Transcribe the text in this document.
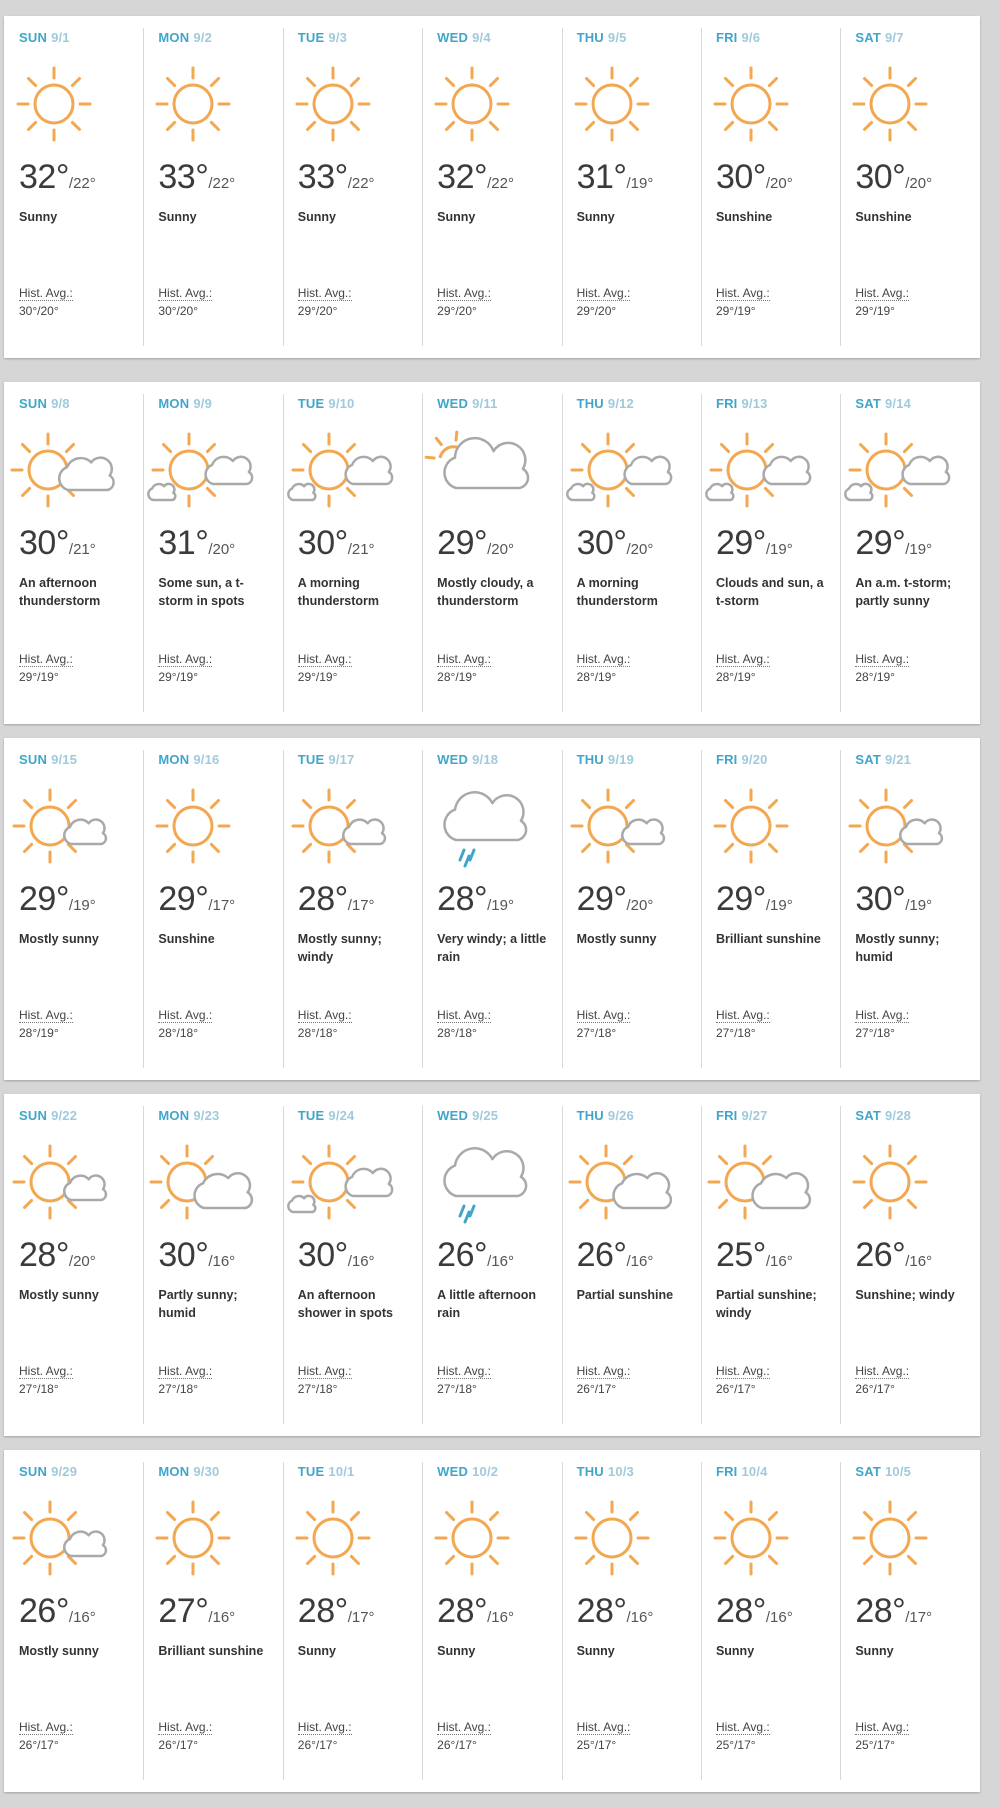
SUN 9/1
32°/22°
Sunny
Hist. Avg.:
30°/20°
MON 9/2
33°/22°
Sunny
Hist. Avg.:
30°/20°
TUE 9/3
33°/22°
Sunny
Hist. Avg.:
29°/20°
WED 9/4
32°/22°
Sunny
Hist. Avg.:
29°/20°
THU 9/5
31°/19°
Sunny
Hist. Avg.:
29°/20°
FRI 9/6
30°/20°
Sunshine
Hist. Avg.:
29°/19°
SAT 9/7
30°/20°
Sunshine
Hist. Avg.:
29°/19°
SUN 9/8
30°/21°
An afternoon thunderstorm
Hist. Avg.:
29°/19°
MON 9/9
31°/20°
Some sun, a t-storm in spots
Hist. Avg.:
29°/19°
TUE 9/10
30°/21°
A morning thunderstorm
Hist. Avg.:
29°/19°
WED 9/11
29°/20°
Mostly cloudy, a thunderstorm
Hist. Avg.:
28°/19°
THU 9/12
30°/20°
A morning thunderstorm
Hist. Avg.:
28°/19°
FRI 9/13
29°/19°
Clouds and sun, a t-storm
Hist. Avg.:
28°/19°
SAT 9/14
29°/19°
An a.m. t-storm; partly sunny
Hist. Avg.:
28°/19°
SUN 9/15
29°/19°
Mostly sunny
Hist. Avg.:
28°/19°
MON 9/16
29°/17°
Sunshine
Hist. Avg.:
28°/18°
TUE 9/17
28°/17°
Mostly sunny; windy
Hist. Avg.:
28°/18°
WED 9/18
28°/19°
Very windy; a little rain
Hist. Avg.:
28°/18°
THU 9/19
29°/20°
Mostly sunny
Hist. Avg.:
27°/18°
FRI 9/20
29°/19°
Brilliant sunshine
Hist. Avg.:
27°/18°
SAT 9/21
30°/19°
Mostly sunny; humid
Hist. Avg.:
27°/18°
SUN 9/22
28°/20°
Mostly sunny
Hist. Avg.:
27°/18°
MON 9/23
30°/16°
Partly sunny; humid
Hist. Avg.:
27°/18°
TUE 9/24
30°/16°
An afternoon shower in spots
Hist. Avg.:
27°/18°
WED 9/25
26°/16°
A little afternoon rain
Hist. Avg.:
27°/18°
THU 9/26
26°/16°
Partial sunshine
Hist. Avg.:
26°/17°
FRI 9/27
25°/16°
Partial sunshine; windy
Hist. Avg.:
26°/17°
SAT 9/28
26°/16°
Sunshine; windy
Hist. Avg.:
26°/17°
SUN 9/29
26°/16°
Mostly sunny
Hist. Avg.:
26°/17°
MON 9/30
27°/16°
Brilliant sunshine
Hist. Avg.:
26°/17°
TUE 10/1
28°/17°
Sunny
Hist. Avg.:
26°/17°
WED 10/2
28°/16°
Sunny
Hist. Avg.:
26°/17°
THU 10/3
28°/16°
Sunny
Hist. Avg.:
25°/17°
FRI 10/4
28°/16°
Sunny
Hist. Avg.:
25°/17°
SAT 10/5
28°/17°
Sunny
Hist. Avg.:
25°/17°
